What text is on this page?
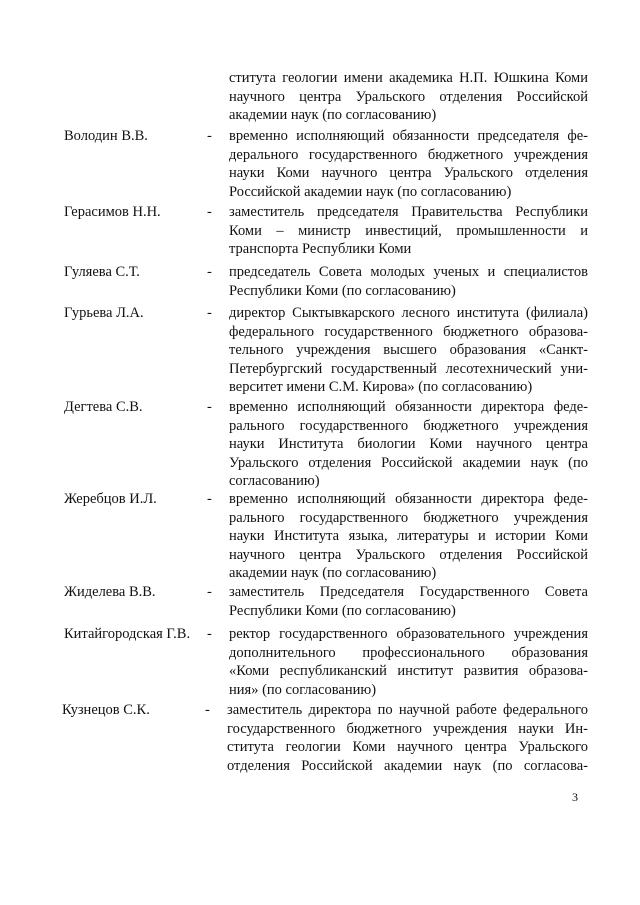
ститута геологии имени академика Н.П. Юшкина Коми
научного центра Уральского отделения Российской
академии наук (по согласованию)
Володин В.В.	- временно исполняющий обязанности председателя фе-
дерального государственного бюджетного учреждения
науки Коми научного центра Уральского отделения
Российской академии наук (по согласованию)
Герасимов Н.Н.	- заместитель председателя Правительства Республики
Коми – министр инвестиций, промышленности и
транспорта Республики Коми
Гуляева С.Т.	- председатель Совета молодых ученых и специалистов
Республики Коми (по согласованию)
Гурьева Л.А.	- директор Сыктывкарского лесного института (филиала)
федерального государственного бюджетного образова-
тельного учреждения высшего образования «Санкт-
Петербургский государственный лесотехнический уни-
верситет имени С.М. Кирова» (по согласованию)
Дегтева С.В.	- временно исполняющий обязанности директора феде-
рального государственного бюджетного учреждения
науки Института биологии Коми научного центра
Уральского отделения Российской академии наук (по
согласованию)
Жеребцов И.Л.	- временно исполняющий обязанности директора феде-
рального государственного бюджетного учреждения
науки Института языка, литературы и истории Коми
научного центра Уральского отделения Российской
академии наук (по согласованию)
Жиделева В.В.	- заместитель Председателя Государственного Совета
Республики Коми (по согласованию)
Китайгородская Г.В. - ректор государственного образовательного учреждения
дополнительного профессионального образования
«Коми республиканский институт развития образова-
ния» (по согласованию)
Кузнецов С.К.	- заместитель директора по научной работе федерального
государственного бюджетного учреждения науки Ин-
ститута геологии Коми научного центра Уральского
отделения Российской академии наук (по согласова-
3
